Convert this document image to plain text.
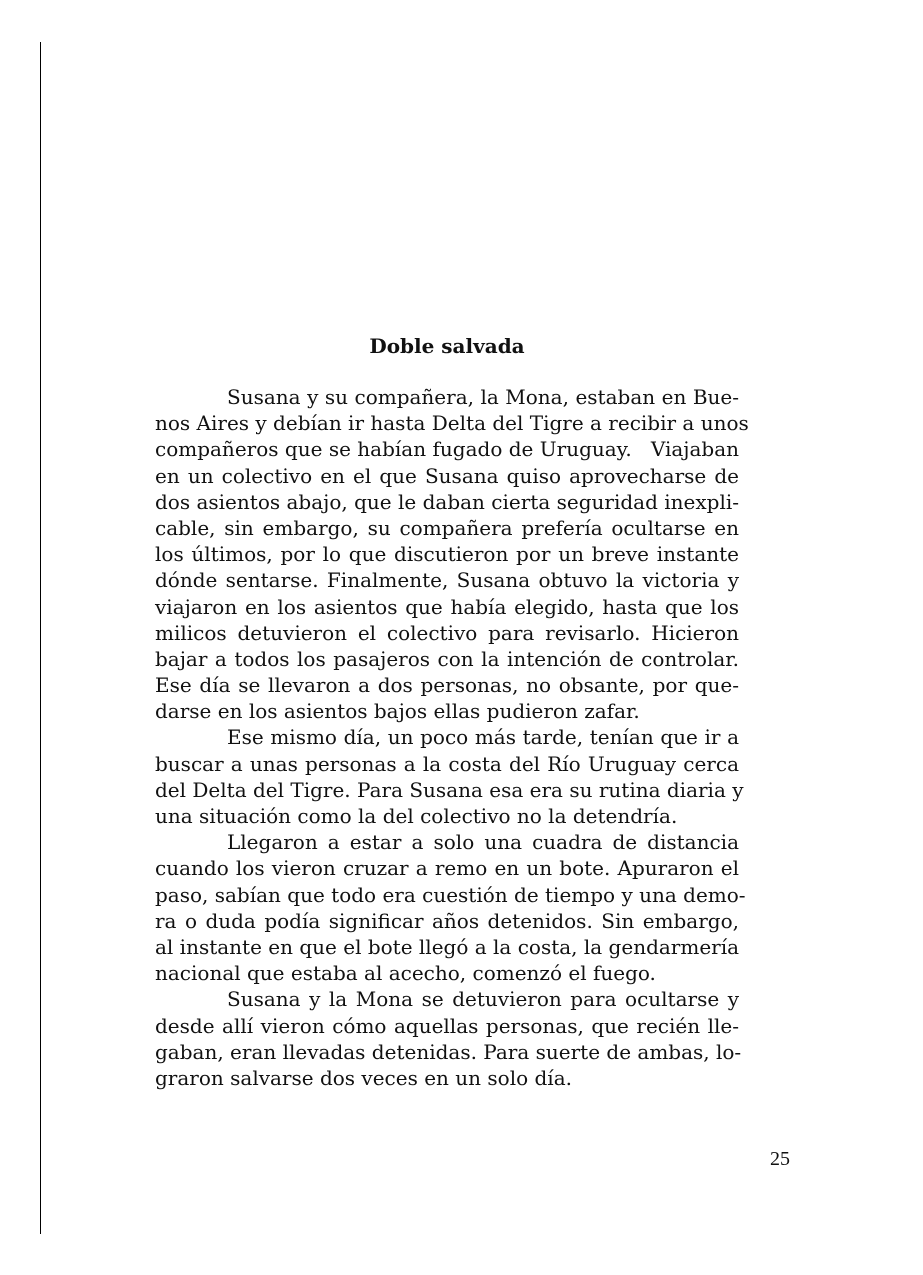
Doble salvada
Susana y su compañera, la Mona, estaban en Bue-
nos Aires y debían ir hasta Delta del Tigre a recibir a unos
compañeros que se habían fugado de Uruguay.   Viajaban
en un colectivo en el que Susana quiso aprovecharse de
dos asientos abajo, que le daban cierta seguridad inexpli-
cable, sin embargo, su compañera prefería ocultarse en
los últimos, por lo que discutieron por un breve instante
dónde sentarse. Finalmente, Susana obtuvo la victoria y
viajaron en los asientos que había elegido, hasta que los
milicos detuvieron el colectivo para revisarlo. Hicieron
bajar a todos los pasajeros con la intención de controlar.
Ese día se llevaron a dos personas, no obsante, por que-
darse en los asientos bajos ellas pudieron zafar.
Ese mismo día, un poco más tarde, tenían que ir a
buscar a unas personas a la costa del Río Uruguay cerca
del Delta del Tigre. Para Susana esa era su rutina diaria y
una situación como la del colectivo no la detendría.
Llegaron a estar a solo una cuadra de distancia
cuando los vieron cruzar a remo en un bote. Apuraron el
paso, sabían que todo era cuestión de tiempo y una demo-
ra o duda podía significar años detenidos. Sin embargo,
al instante en que el bote llegó a la costa, la gendarmería
nacional que estaba al acecho, comenzó el fuego.
Susana y la Mona se detuvieron para ocultarse y
desde allí vieron cómo aquellas personas, que recién lle-
gaban, eran llevadas detenidas. Para suerte de ambas, lo-
graron salvarse dos veces en un solo día.
25
